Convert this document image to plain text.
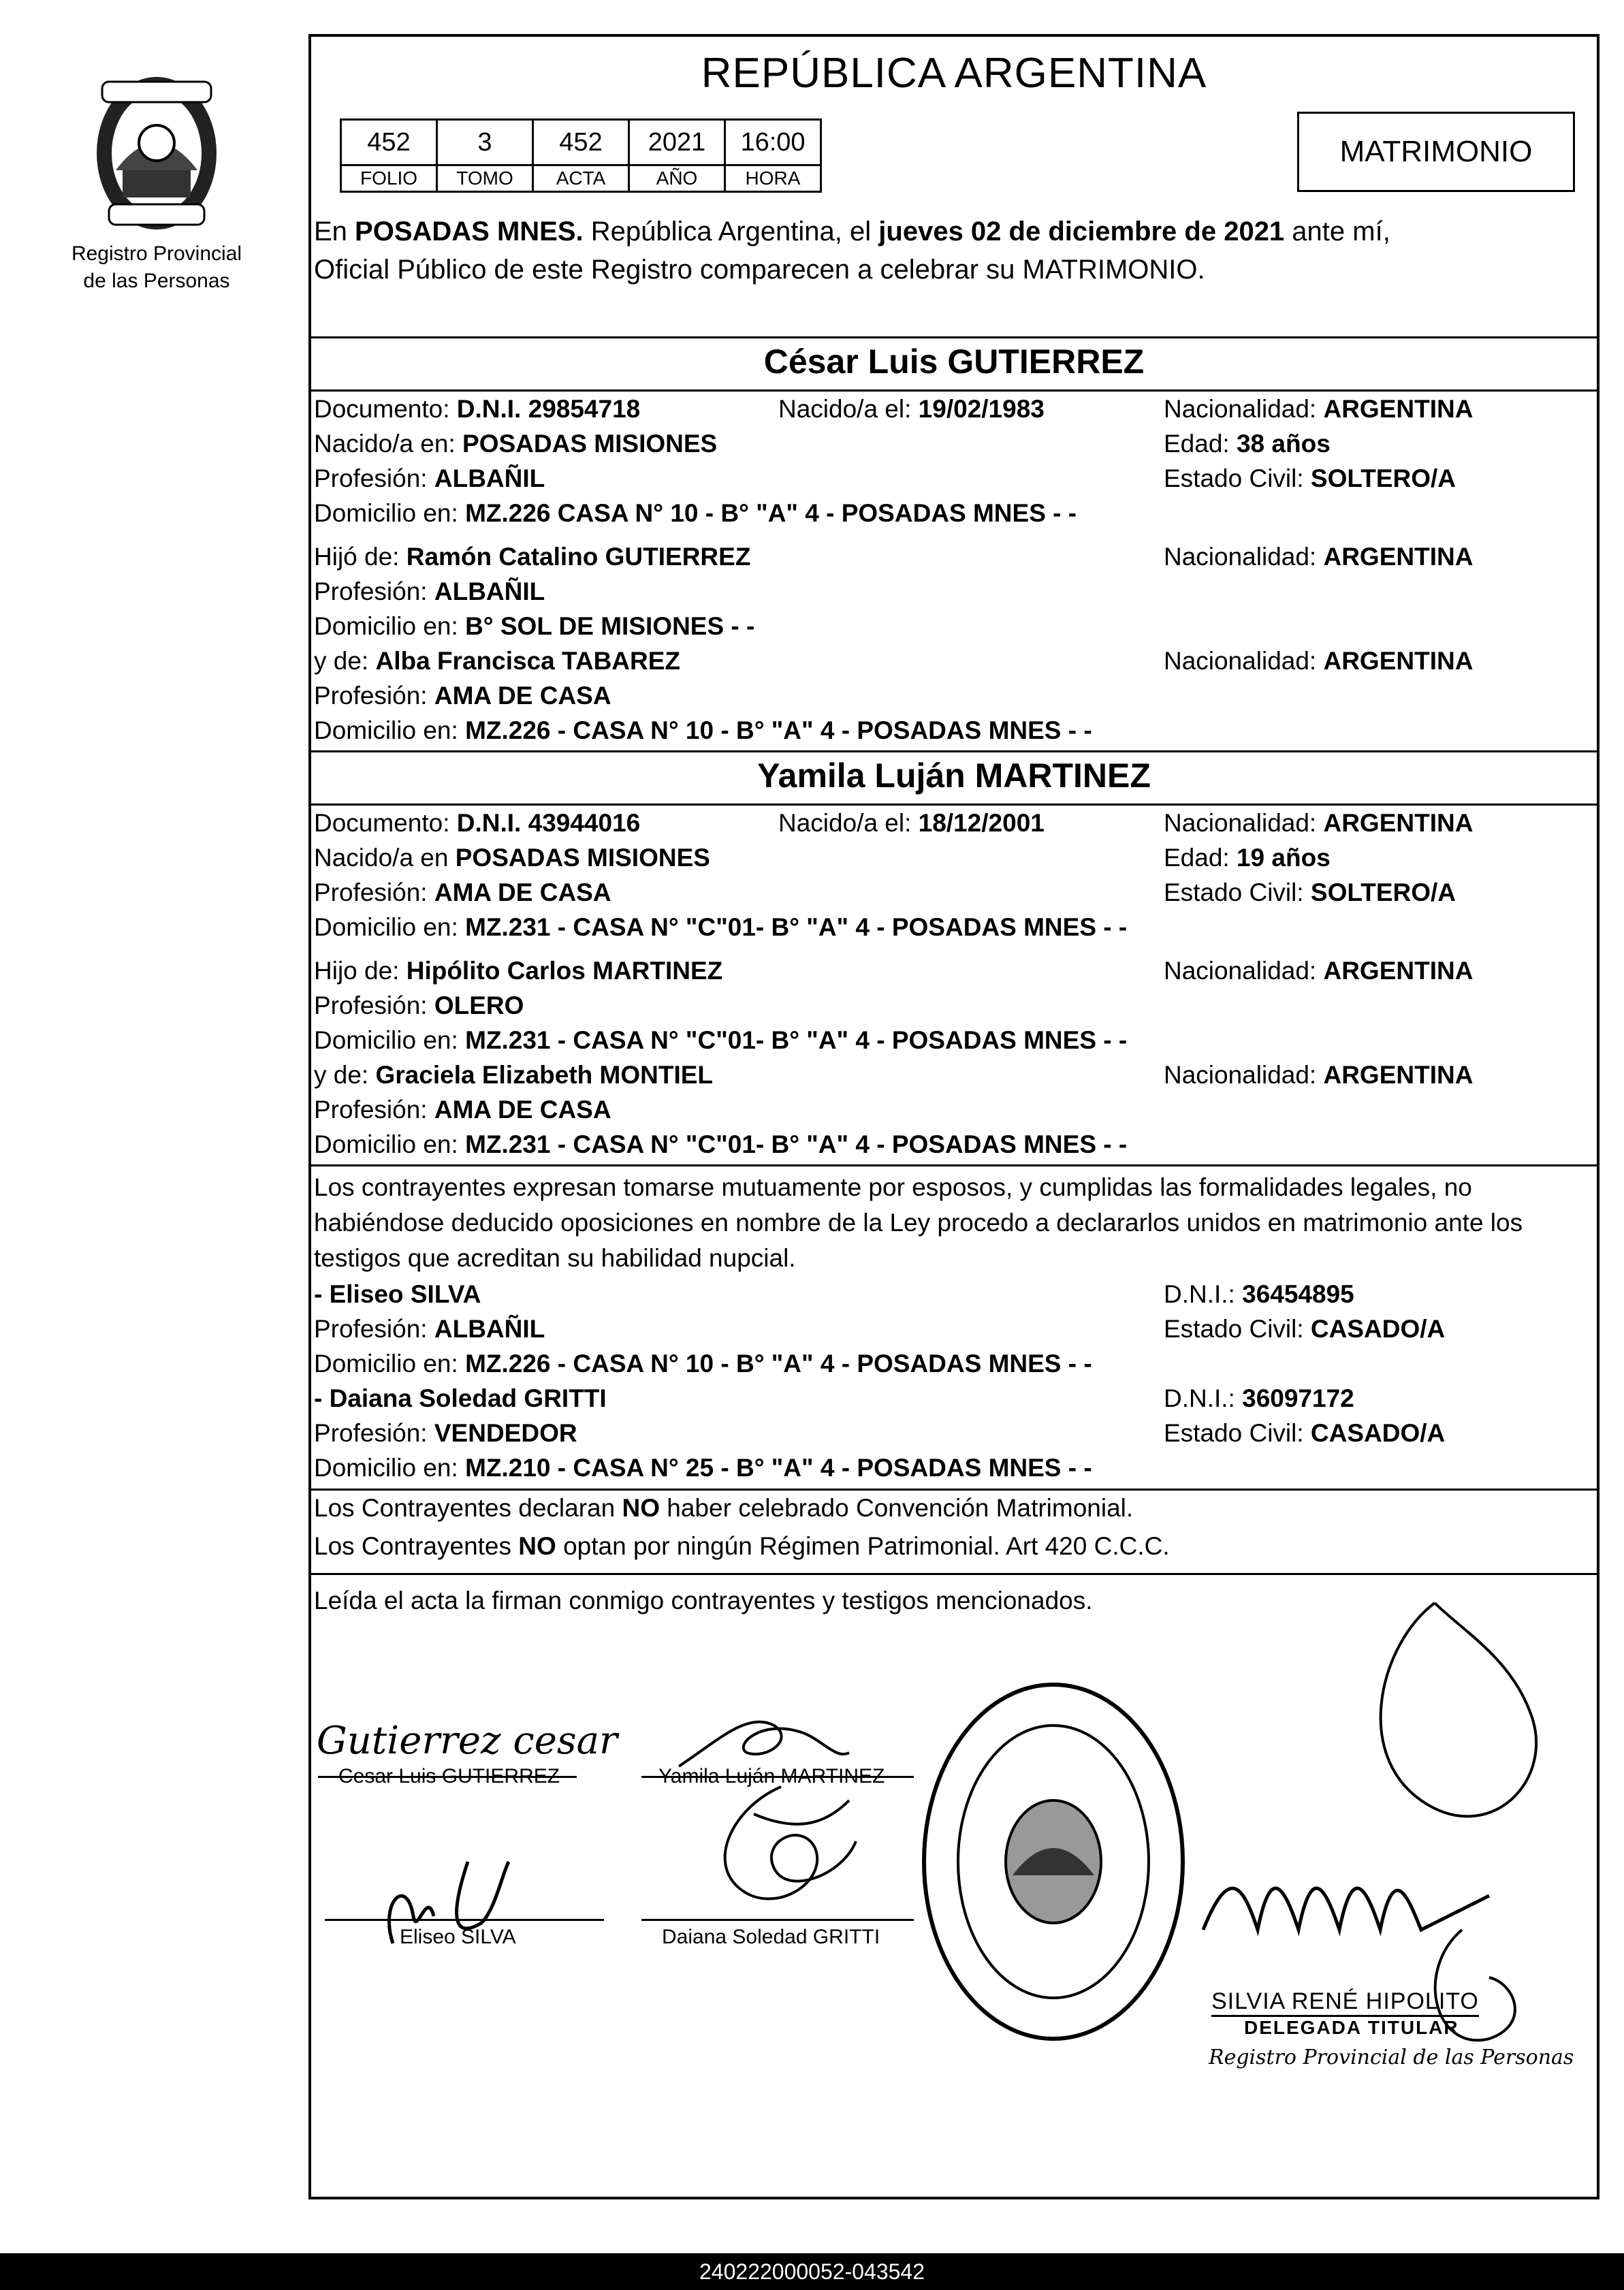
Registro Provincial
de las Personas
REPÚBLICA ARGENTINA
452	3	452	2021	16:00
FOLIO	TOMO	ACTA	AÑO	HORA
MATRIMONIO
En POSADAS MNES. República Argentina, el jueves 02 de diciembre de 2021 ante mí,
Oficial Público de este Registro comparecen a celebrar su MATRIMONIO.
César Luis GUTIERREZ
Documento: D.N.I. 29854718	Nacido/a el: 19/02/1983	Nacionalidad: ARGENTINA
Nacido/a en: POSADAS MISIONES	Edad: 38 años
Profesión: ALBAÑIL	Estado Civil: SOLTERO/A
Domicilio en: MZ.226 CASA N° 10 - B° "A" 4 - POSADAS MNES - -
Hijó de: Ramón Catalino GUTIERREZ	Nacionalidad: ARGENTINA
Profesión: ALBAÑIL
Domicilio en: B° SOL DE MISIONES - -
y de: Alba Francisca TABAREZ	Nacionalidad: ARGENTINA
Profesión: AMA DE CASA
Domicilio en: MZ.226 - CASA N° 10 - B° "A" 4 - POSADAS MNES - -
Yamila Luján MARTINEZ
Documento: D.N.I. 43944016	Nacido/a el: 18/12/2001	Nacionalidad: ARGENTINA
Nacido/a en POSADAS MISIONES	Edad: 19 años
Profesión: AMA DE CASA	Estado Civil: SOLTERO/A
Domicilio en: MZ.231 - CASA N° "C"01- B° "A" 4 - POSADAS MNES - -
Hijo de: Hipólito Carlos MARTINEZ	Nacionalidad: ARGENTINA
Profesión: OLERO
Domicilio en: MZ.231 - CASA N° "C"01- B° "A" 4 - POSADAS MNES - -
y de: Graciela Elizabeth MONTIEL	Nacionalidad: ARGENTINA
Profesión: AMA DE CASA
Domicilio en: MZ.231 - CASA N° "C"01- B° "A" 4 - POSADAS MNES - -
Los contrayentes expresan tomarse mutuamente por esposos, y cumplidas las formalidades legales, no habiéndose deducido oposiciones en nombre de la Ley procedo a declararlos unidos en matrimonio ante los testigos que acreditan su habilidad nupcial.
- Eliseo SILVA	D.N.I.: 36454895
Profesión: ALBAÑIL	Estado Civil: CASADO/A
Domicilio en: MZ.226 - CASA N° 10 - B° "A" 4 - POSADAS MNES - -
- Daiana Soledad GRITTI	D.N.I.: 36097172
Profesión: VENDEDOR	Estado Civil: CASADO/A
Domicilio en: MZ.210 - CASA N° 25 - B° "A" 4 - POSADAS MNES - -
Los Contrayentes declaran NO haber celebrado Convención Matrimonial.
Los Contrayentes NO optan por ningún Régimen Patrimonial. Art 420 C.C.C.
Leída el acta la firman conmigo contrayentes y testigos mencionados.
Gutierrez cesar
Cesar Luis GUTIERREZ	Yamila Luján MARTINEZ
Eliseo SILVA	Daiana Soledad GRITTI
SILVIA RENÉ HIPOLITO
DELEGADA TITULAR
Registro Provincial de las Personas
240222000052-043542
